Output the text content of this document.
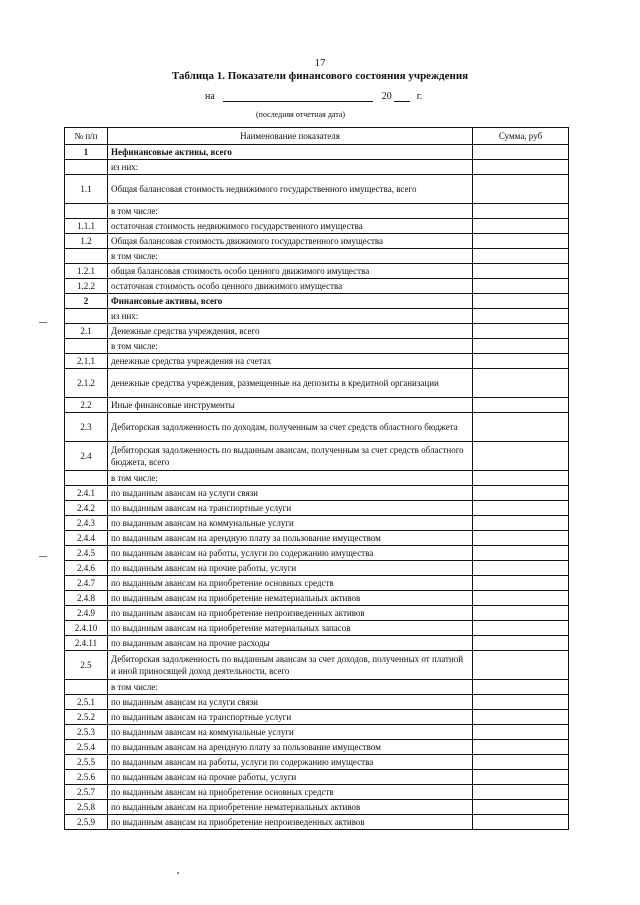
17
Таблица 1. Показатели финансового состояния учреждения
на	20	г.
(последняя отчетная дата)
№ п/п	Наименование показателя	Сумма, руб
1	Нефинансовые активы, всего	
	из них:	
1.1	Общая балансовая стоимость недвижимого государственного имущества, всего	
	в том числе:	
1.1.1	остаточная стоимость недвижимого государственного имущества	
1.2	Общая балансовая стоимость движимого государственного имущества	
	в том числе:	
1.2.1	общая балансовая стоимость особо ценного движимого имущества	
1.2.2	остаточная стоимость особо ценного движимого имущества	
2	Финансовые активы, всего	
	из них:	
2.1	Денежные средства учреждения, всего	
	в том числе:	
2.1.1	денежные средства учреждения на счетах	
2.1.2	денежные средства учреждения, размещенные на депозиты в кредитной организации	
2.2	Иные финансовые инструменты	
2.3	Дебиторская задолженность по доходам, полученным за счет средств областного бюджета	
2.4	Дебиторская задолженность по выданным авансам, полученным за счет средств областного бюджета, всего	
	в том числе:	
2.4.1	по выданным авансам на услуги связи	
2.4.2	по выданным авансам на транспортные услуги	
2.4.3	по выданным авансам на коммунальные услуги	
2.4.4	по выданным авансам на арендную плату за пользование имуществом	
2.4.5	по выданным авансам на работы, услуги по содержанию имущества	
2.4.6	по выданным авансам на прочие работы, услуги	
2.4.7	по выданным авансам на приобретение основных средств	
2.4.8	по выданным авансам на приобретение нематериальных активов	
2.4.9	по выданным авансам на приобретение непроизведенных активов	
2.4.10	по выданным авансам на приобретение материальных запасов	
2.4.11	по выданным авансам на прочие расходы	
2.5	Дебиторская задолженность по выданным авансам за счет доходов, полученных от платной и иной приносящей доход деятельности, всего	
	в том числе:	
2.5.1	по выданным авансам на услуги связи	
2.5.2	по выданным авансам на транспортные услуги	
2.5.3	по выданным авансам на коммунальные услуги	
2.5.4	по выданным авансам на арендную плату за пользование имуществом	
2.5.5	по выданным авансам на работы, услуги по содержанию имущества	
2.5.6	по выданным авансам на прочие работы, услуги	
2.5.7	по выданным авансам на приобретение основных средств	
2.5.8	по выданным авансам на приобретение нематериальных активов	
2.5.9	по выданным авансам на приобретение непроизведенных активов	
